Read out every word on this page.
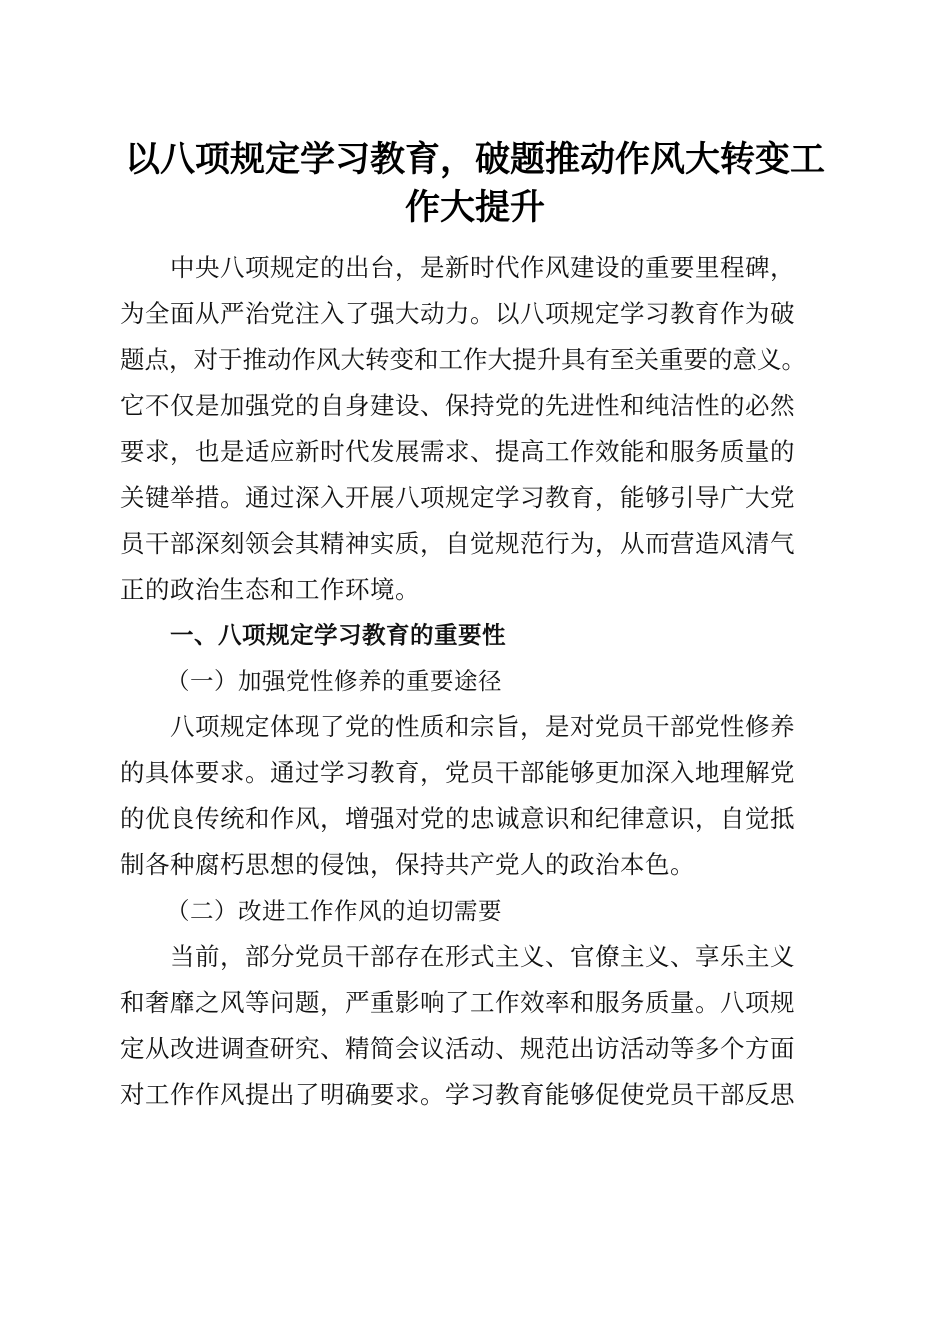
以八项规定学习教育，破题推动作风大转变工
作大提升
中央八项规定的出台，是新时代作风建设的重要里程碑，
为全面从严治党注入了强大动力。以八项规定学习教育作为破
题点，对于推动作风大转变和工作大提升具有至关重要的意义。
它不仅是加强党的自身建设、保持党的先进性和纯洁性的必然
要求，也是适应新时代发展需求、提高工作效能和服务质量的
关键举措。通过深入开展八项规定学习教育，能够引导广大党
员干部深刻领会其精神实质，自觉规范行为，从而营造风清气
正的政治生态和工作环境。
一、八项规定学习教育的重要性
（一）加强党性修养的重要途径
八项规定体现了党的性质和宗旨，是对党员干部党性修养
的具体要求。通过学习教育，党员干部能够更加深入地理解党
的优良传统和作风，增强对党的忠诚意识和纪律意识，自觉抵
制各种腐朽思想的侵蚀，保持共产党人的政治本色。
（二）改进工作作风的迫切需要
当前，部分党员干部存在形式主义、官僚主义、享乐主义
和奢靡之风等问题，严重影响了工作效率和服务质量。八项规
定从改进调查研究、精简会议活动、规范出访活动等多个方面
对工作作风提出了明确要求。学习教育能够促使党员干部反思
